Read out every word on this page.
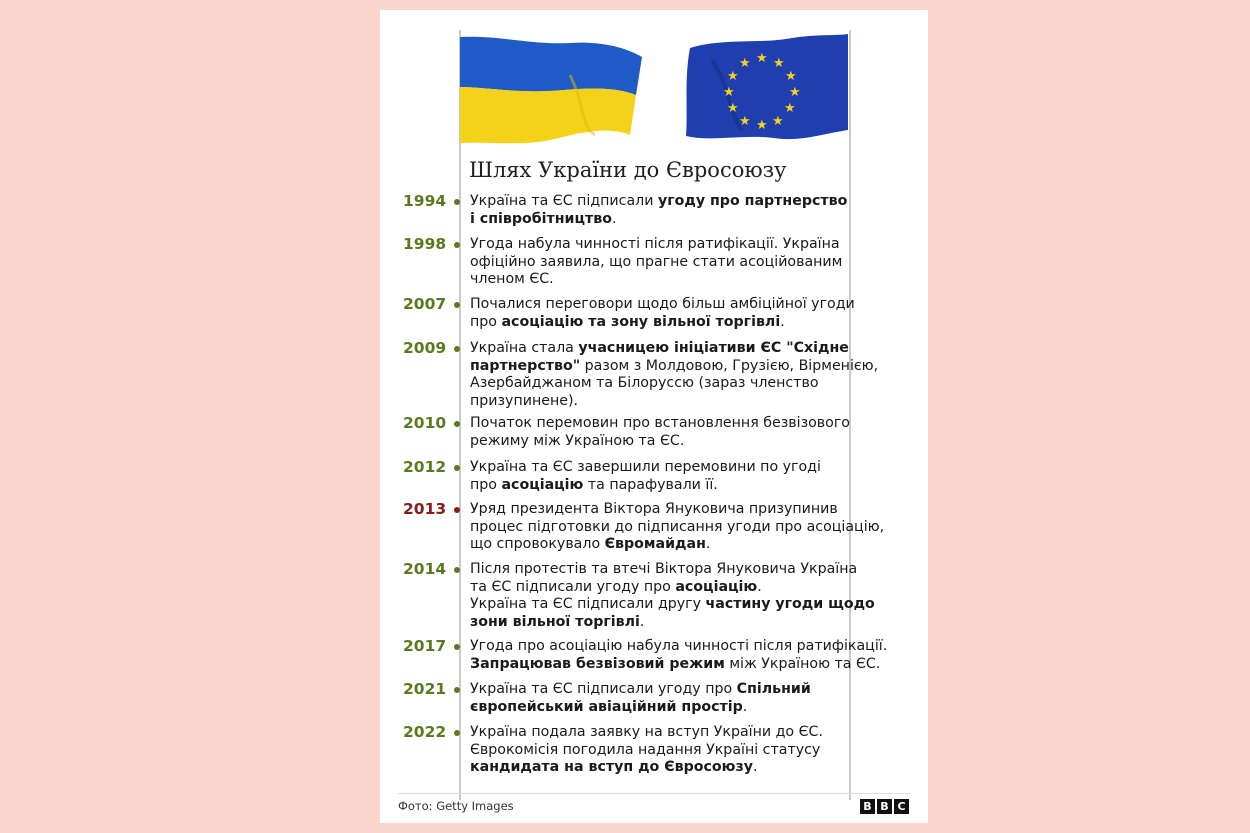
★ ★
★
★
★
★
★
★
★
★
★
★
Шлях України до Євросоюзу
1994	Україна та ЄС підписали угоду про партнерство

і співробітництво.

1998	Угода набула чинності після ратифікації. Україна

офіційно заявила, що прагне стати асоційованим

членом ЄС.

2007	Почалися переговори щодо більш амбіційної угоди

про асоціацію та зону вільної торгівлі.

2009	Україна стала учасницею ініціативи ЄС "Східне

партнерство" разом з Молдовою, Грузією, Вірменією,

Азербайджаном та Білоруссю (зараз членство

призупинене).

2010	Початок перемовин про встановлення безвізового

режиму між Україною та ЄС.

2012	Україна та ЄС завершили перемовини по угоді

про асоціацію та парафували її.

2013	Уряд президента Віктора Януковича призупинив

процес підготовки до підписання угоди про асоціацію,

що спровокувало Євромайдан.

2014	Після протестів та втечі Віктора Януковича Україна

та ЄС підписали угоду про асоціацію.

Україна та ЄС підписали другу частину угоди щодо

зони вільної торгівлі.

2017	Угода про асоціацію набула чинності після ратифікації.

Запрацював безвізовий режим між Україною та ЄС.

2021	Україна та ЄС підписали угоду про Спільний

європейський авіаційний простір.

2022	Україна подала заявку на вступ України до ЄС.

Єврокомісія погодила надання Україні статусу

кандидата на вступ до Євросоюзу.

Фото: Getty Images	B B C
